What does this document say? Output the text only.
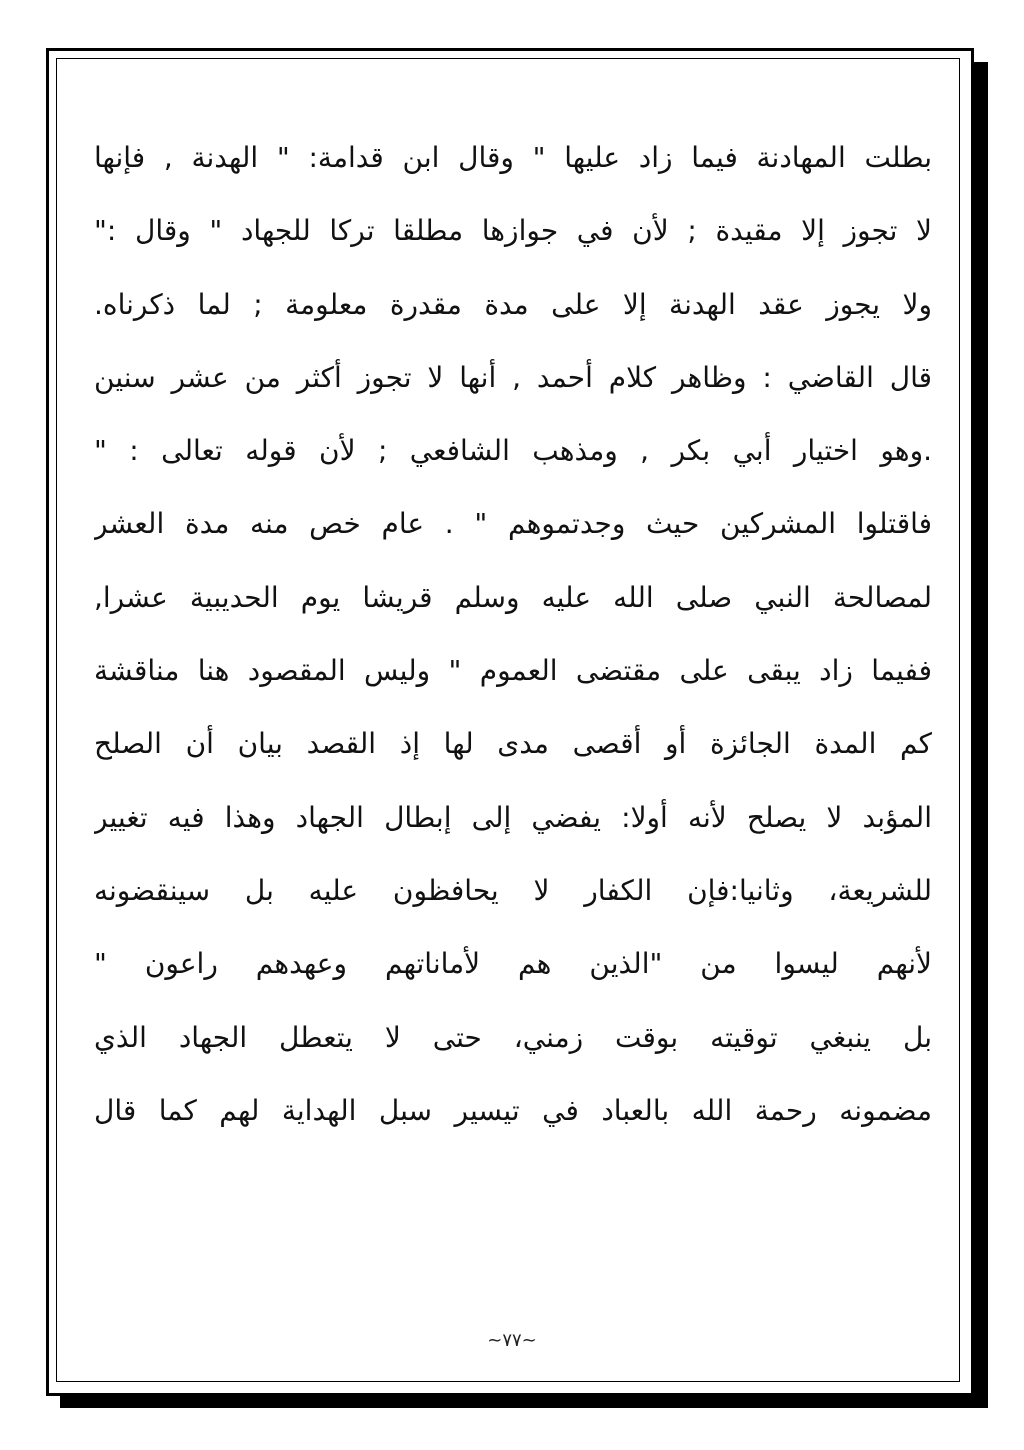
بطلت المهادنة فيما زاد عليها " وقال ابن قدامة: " الهدنة , فإنها
لا تجوز إلا مقيدة ; لأن في جوازها مطلقا تركا للجهاد " وقال :"
ولا يجوز عقد الهدنة إلا على مدة مقدرة معلومة ; لما ذكرناه.
قال القاضي : وظاهر كلام أحمد , أنها لا تجوز أكثر من عشر سنين
.وهو اختيار أبي بكر , ومذهب الشافعي ; لأن قوله تعالى : "
فاقتلوا المشركين حيث وجدتموهم " . عام خص منه مدة العشر
لمصالحة النبي صلى الله عليه وسلم قريشا يوم الحديبية عشرا,
ففيما زاد يبقى على مقتضى العموم " وليس المقصود هنا مناقشة
كم المدة الجائزة أو أقصى مدى لها إذ القصد بيان أن الصلح
المؤبد لا يصلح لأنه أولا: يفضي إلى إبطال الجهاد وهذا فيه تغيير
للشريعة، وثانيا:فإن الكفار لا يحافظون عليه بل سينقضونه
لأنهم ليسوا من "الذين هم لأماناتهم وعهدهم راعون "
بل ينبغي توقيته بوقت زمني، حتى لا يتعطل الجهاد الذي
مضمونه رحمة الله بالعباد في تيسير سبل الهداية لهم كما قال
~٧٧~
